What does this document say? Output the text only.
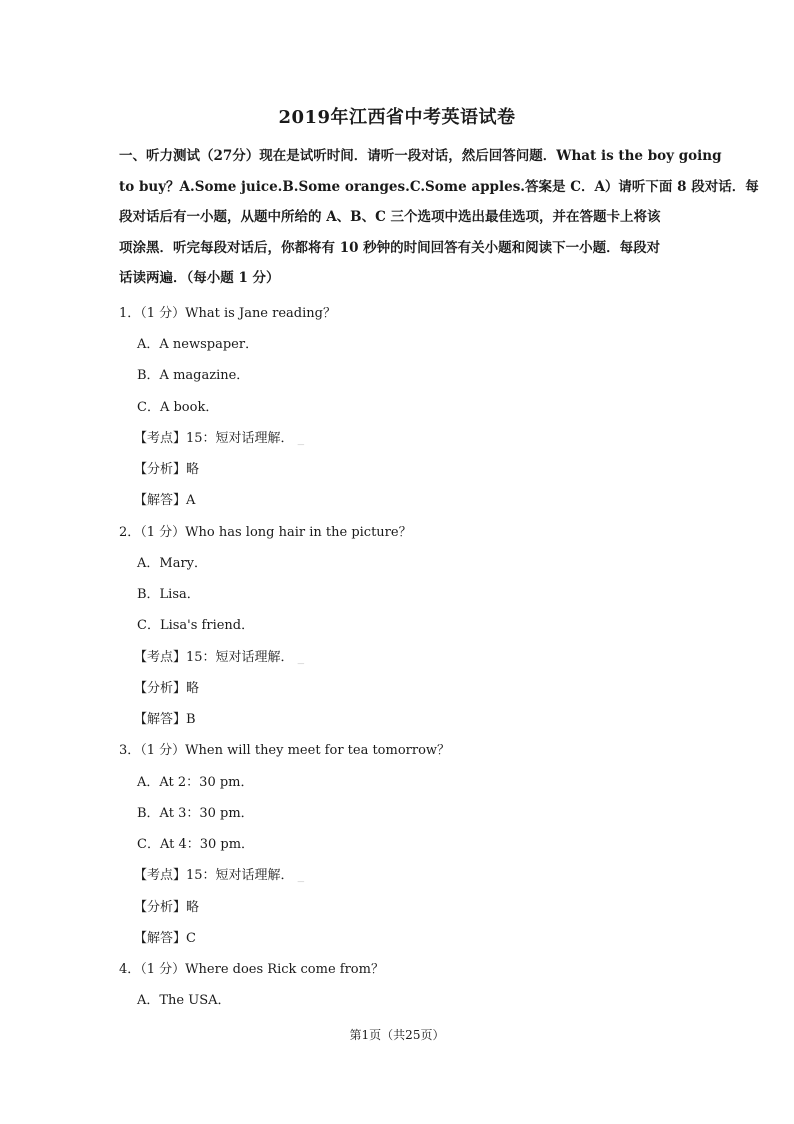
2019年江西省中考英语试卷

一、听力测试（27分）现在是试听时间．请听一段对话，然后回答问题．What is the boy going

to buy？A.Some juice.B.Some oranges.C.Some apples.答案是 C．A）请听下面 8 段对话．每

段对话后有一小题，从题中所给的 A、B、C 三个选项中选出最佳选项，并在答题卡上将该

项涂黑．听完每段对话后，你都将有 10 秒钟的时间回答有关小题和阅读下一小题．每段对

话读两遍．（每小题 1 分）

1．（1 分）What is Jane reading？
A．A newspaper．
B．A magazine．
C．A book．
【考点】15：短对话理解． _
【分析】略
【解答】A
2．（1 分）Who has long hair in the picture？
A．Mary．
B．Lisa．
C．Lisa's friend．
【考点】15：短对话理解． _
【分析】略
【解答】B
3．（1 分）When will they meet for tea tomorrow？
A．At 2：30 pm．
B．At 3：30 pm．
C．At 4：30 pm．
【考点】15：短对话理解． _
【分析】略
【解答】C
4．（1 分）Where does Rick come from？
A．The USA．
第1页（共25页）
